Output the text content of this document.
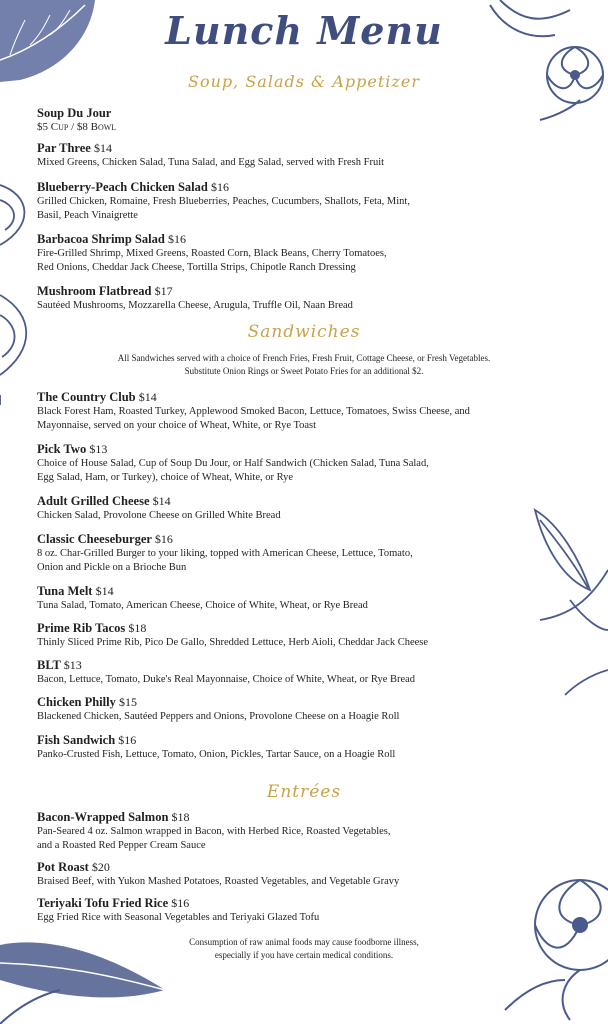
Lunch Menu
Soup, Salads & Appetizer
Soup Du Jour
$5 Cup / $8 Bowl
Par Three $14
Mixed Greens, Chicken Salad, Tuna Salad, and Egg Salad, served with Fresh Fruit
Blueberry-Peach Chicken Salad $16
Grilled Chicken, Romaine, Fresh Blueberries, Peaches, Cucumbers, Shallots, Feta, Mint,
Basil, Peach Vinaigrette
Barbacoa Shrimp Salad $16
Fire-Grilled Shrimp, Mixed Greens, Roasted Corn, Black Beans, Cherry Tomatoes,
Red Onions, Cheddar Jack Cheese, Tortilla Strips, Chipotle Ranch Dressing
Mushroom Flatbread $17
Sautéed Mushrooms, Mozzarella Cheese, Arugula, Truffle Oil, Naan Bread
Sandwiches
All Sandwiches served with a choice of French Fries, Fresh Fruit, Cottage Cheese, or Fresh Vegetables.
Substitute Onion Rings or Sweet Potato Fries for an additional $2.
The Country Club $14
Black Forest Ham, Roasted Turkey, Applewood Smoked Bacon, Lettuce, Tomatoes, Swiss Cheese, and
Mayonnaise, served on your choice of Wheat, White, or Rye Toast
Pick Two $13
Choice of House Salad, Cup of Soup Du Jour, or Half Sandwich (Chicken Salad, Tuna Salad,
Egg Salad, Ham, or Turkey), choice of Wheat, White, or Rye
Adult Grilled Cheese $14
Chicken Salad, Provolone Cheese on Grilled White Bread
Classic Cheeseburger $16
8 oz. Char-Grilled Burger to your liking, topped with American Cheese, Lettuce, Tomato,
Onion and Pickle on a Brioche Bun
Tuna Melt $14
Tuna Salad, Tomato, American Cheese, Choice of White, Wheat, or Rye Bread
Prime Rib Tacos $18
Thinly Sliced Prime Rib, Pico De Gallo, Shredded Lettuce, Herb Aioli, Cheddar Jack Cheese
BLT $13
Bacon, Lettuce, Tomato, Duke's Real Mayonnaise, Choice of White, Wheat, or Rye Bread
Chicken Philly $15
Blackened Chicken, Sautéed Peppers and Onions, Provolone Cheese on a Hoagie Roll
Fish Sandwich $16
Panko-Crusted Fish, Lettuce, Tomato, Onion, Pickles, Tartar Sauce, on a Hoagie Roll
Entrées
Bacon-Wrapped Salmon $18
Pan-Seared 4 oz. Salmon wrapped in Bacon, with Herbed Rice, Roasted Vegetables,
and a Roasted Red Pepper Cream Sauce
Pot Roast $20
Braised Beef, with Yukon Mashed Potatoes, Roasted Vegetables, and Vegetable Gravy
Teriyaki Tofu Fried Rice $16
Egg Fried Rice with Seasonal Vegetables and Teriyaki Glazed Tofu
Consumption of raw animal foods may cause foodborne illness,
especially if you have certain medical conditions.
